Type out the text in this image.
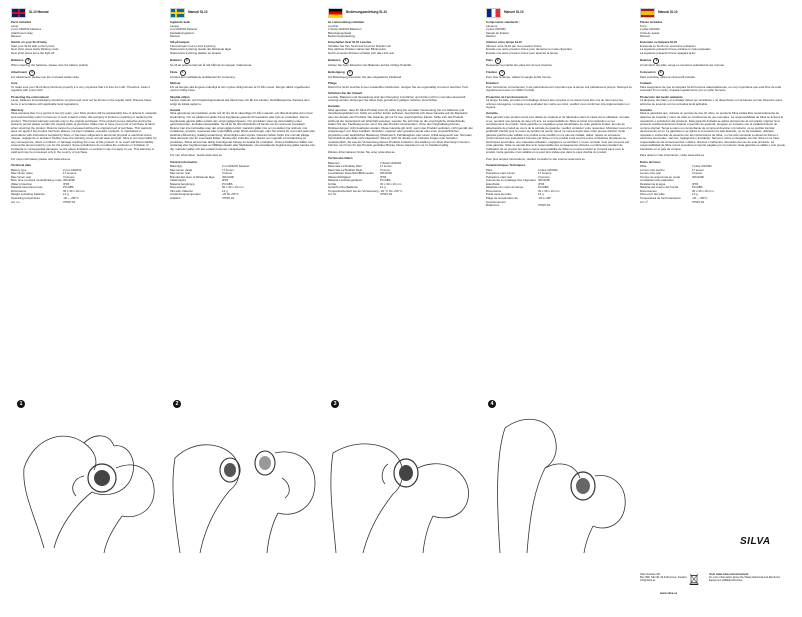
SL10 Manual
Parts Included
Lamp
2 pcs CR2032 batteries
Attachment strap
Manual
Switch on your SL10 lamp
Start your SL10 with a short press
Next short press starts blinking mode
Next short press turns the light off
Batteries	2
When inserting the batteries, please note the battery polarity.
Attachment	4
For attachment, please use the enclosed textile strap.
Care
To make sure your SL10 lamp functions properly it is very important that it is free from dirt. Therefore, clean it regularly with a wet cloth.
Protecting the environment
Lamp, batteries and packaging should be recycled and must not be thrown in the regular trash. Dispose these items in accordance with applicable local regulations.
Warranty
Silva warrants that, for a period of two (2) years, your Silva product will be substantially free of defects in materials and workmanship under normal use. If such a defect exists, this warranty is limited to repairing or replacing the product. This limited warranty extends only to the original purchaser. If the product proves defective during the warranty period please contact the original place of purchase. Make sure to have your proof of purchase at hand when returning the product. Returns cannot be processed without the original proof of purchase. This warranty does not apply if the product has been altered, not been installed, operated, repaired, or maintained in accordance with instructions supplied by Silva, or has been subjected to abnormal physical or electrical stress, misuse, negligence or accident. Neither does the warranty cover normal wear and tear. Silva is not responsible for any consequence, direct or indirect, or damage resulting from use of this product. In no event will Silva's liability exceed the amount paid by you for the product. Some jurisdictions do not allow the exclusion or limitation of incidental or consequential damages, so the above limitation or exclusion may not apply to you. This warranty is valid and may be processed only in the country of purchase.
For more information please visit www.silva.se
Technical data
Battery type	2 pcs CR2032
Max lumen value	17 lumens
Max lumen real	3 lumens
Burn time constant mode/blinking mode 30h/100h
Water protection	IPX6
Material head lamp body	PC/ABS
Dimensions	30 x 30 x 10 mm
Weight excluding batteries	12 g
Operating temperature	-20 – +50°C
Art. no	37597-91
Manual SL10
Ingående delar
Lampa
2 st CR2032 batterier
Fastsättningsband
Manual
Slå på lampan
Tänd lampan med en kort tryckning
Nästa korta tryckning startar det blinkande läget
Nästa korta tryckning släcker av lampan
Batterier	2
Se till att polerna hamnar åt rätt håll när du stoppar i batterierna.
Fäste	4
Använd det medföljande textilbandet för montering.
Skötsel
För att lampan ska fungera ordentligt är det mycket viktigt att den är fri från smuts. Rengör därför regelbundet med en fuktig trasa.
Skydda miljön
Lampa, batterier och förpackningsmaterial ska återvinnas och får inte kastas i hushållssoporna. Kassera dem enligt de lokala reglerna.
Garanti
Silva garanterar att produkten under två (2) års tid är väsentligen fri från material- och tillverkningsfel vid normal användning. Om ett sådant fel skulle finnas begränsas garantin till reparation eller byte av produkten. Denna begränsade garanti gäller endast den ursprungliga köparen. Om produkten visar sig vara felaktig under garantiperioden, kontakta inköpsstället. Se till att ha ditt inköpskvitto till hands när du returnerar produkten. Returer kan inte behandlas utan det ursprungliga kvittot. Garantin gäller inte om produkten har ändrats, inte installerats, använts, reparerats eller underhållits enligt Silvas anvisningar, eller har utsatts för onormal fysisk eller elektrisk påfrestning, felaktig användning, försumlighet eller olycka. Garantin täcker heller inte normalt slitage. Silva ansvarar inte för eventuella följder, direkta eller indirekta, eller skador som uppstår vid användning av produkten. Silvas ansvar kan aldrig överstiga det belopp du betalat för produkten. Vissa jurisdiktioner tillåter inte undantag eller begränsningar av tillfälliga skador eller följdskador, så ovanstående begränsning gäller kanske inte dig. Garantin gäller och kan endast hanteras i inköpslandet.
För mer information, besök www.silva.se
Teknisk information
Batterityp	2 st CR2032 batterier
Max lumen värde	17 lumen
Max lumen real	3 lumen
Brinntid fast sken & blinkande läge	30h/100h
Vattenskydd	IPX6
Material lampkropp	PC/ABS
Dimensioner	30 x 30 x 10 mm
Vikt exkl. batterier	12 g
Användningstemperatur	-20 till +50°C
Artikelnr	37597-91
Bedienungsanleitung SL10
Im Lieferumfang enthalten
Leuchte
2 Stück CR2032 Batterien
Befestigungsband
Bedienungsanleitung
Einschalten Ihrer SL10 Leuchte
Schalten Sie Ihre SL10 durch kurzes Drücken ein
Das nächste Drücken startet den Blinkmodus
Durch erneutes Drücken schaltet sich das Licht aus
Batterien	2
Achten Sie beim Einsetzen der Batterien auf die richtige Polarität.
Befestigung	4
Zur Befestigung benutzen Sie das mitgelieferte Klettband.
Pflege
Damit Ihre SL10 Leuchte immer einwandfrei funktioniert, reinigen Sie sie regelmäßig mit einem feuchten Tuch.
Schützen Sie die Umwelt
Leuchte, Batterien und Verpackung sind dem Recycling zuzuführen und dürfen nicht im normalen Hausmüll entsorgt werden. Entsorgen Sie diese Teile gemäß den gültigen örtlichen Vorschriften.
Garantie
Silva garantiert, dass Ihr Silva-Produkt zwei (2) Jahre lang bei normaler Verwendung frei von Material- und Verarbeitungsfehlern ist. Sollte ein solcher Fehler auftreten, beschränkt sich diese Garantie auf die Reparatur oder den Ersatz des Produkts. Die Garantie gilt nur für den ursprünglichen Käufer. Sollte sich das Produkt während der Garantiezeit als fehlerhaft erweisen, wenden Sie sich bitte an die ursprüngliche Verkaufsstelle. Halten Sie den Kaufbeleg bereit, wenn Sie das Produkt zurücksenden. Ohne den Originalbeleg können Rücksendungen nicht bearbeitet werden. Diese Garantie gilt nicht, wenn das Produkt verändert, nicht gemäß den Anweisungen von Silva installiert, betrieben, repariert oder gewartet wurde oder einer ungewöhnlichen physischen oder elektrischen Belastung, Missbrauch, Fahrlässigkeit oder einem Unfall ausgesetzt war. Normaler Verschleiß ist ebenfalls nicht abgedeckt. Silva ist nicht für direkte oder indirekte Folgen oder Schäden verantwortlich, die aus der Verwendung dieses Produkts entstehen. Die Haftung von Silva übersteigt in keinem Fall den von Ihnen für das Produkt gezahlten Betrag. Diese Garantie ist nur im Kaufland gültig.
Weitere Informationen finden Sie unter www.silva.se
Technische Daten
Batterien	2 Stück CR2032
Maximale Lichtstärke Wert	17 lumen
Maximale Lichtstärke Real	3 lumen
Leuchtdauer Dauerlicht/Blinkmodus	30h/100h
Wasserdichtigkeit	IPX6
Material Leuchtengehäuse	PC/ABS
Größe	30 x 30 x 10 mm
Gewicht ohne Batterien	12 g
Temperaturbereich bei der Verwendung -20 °C bis +50 °C
Art. Nr.	37597-91
Manuel SL10
Composants standards :
Lanterne
2 piles CR2032
Sangle de fixation
Manuel
Allumez votre lampe SL10
Allumez votre SL10 par une pression brève
Ensuite une autre pression brève pour démarrer le mode clignotant
Ensuite une autre pression brève pour éteindre la lampe
Piles	2
Respectez la polarité des piles lors de leur insertion.
Fixation	4
Pour fixer la lampe, utilisez la sangle textile fournie.
Entretien
Pour fonctionner correctement, il est particulièrement important que la lampe soit parfaitement propre. Nettoyez-la régulièrement avec un chiffon humide.
Protection de l'environnement
La lampe frontale, les piles et l'emballage doivent être recyclés et ne doivent pas être mis au rebut avec les ordures ménagères. Lorsque vous souhaitez les mettre au rebut, veuillez vous conformer à la réglementation en vigueur.
Garantie
Silva garantit votre produit contre tout défaut de matériel et de fabrication dans le cadre d'une utilisation normale et ce, pendant une période de deux (2) ans. La responsabilité de Silva se limite à la réparation ou au remplacement du produit. Cette garantie ne s'applique qu'au bénéficiaire de cette garantie limitée. En cas de défectuosité du produit au cours de la période de garantie, veuillez contacter votre revendeur. Munissez-vous d'un justificatif d'achat pour le retour du produit car aucun retour ne sera accepté sans votre preuve d'achat. Cette garantie perdra toute validité si le produit a été modifié ou n'a pas été installé, utilisé, réparé ou entretenu conformément aux instructions fournies par Silva ou si le produit a été soumis à des contraintes physiques ou électriques anormales, une mauvaise utilisation, négligence ou accident. L'usure normale n'est pas couverte par cette garantie. Silva ne saurait être tenu responsable des conséquences directes ou indirectes résultant de l'utilisation de ce produit. En aucun cas la responsabilité de Silva ne pourra excéder le montant payé pour le produit. Cette garantie n'est valable et ne peut être traitée que dans le pays d'achat du produit.
Pour plus amples informations, veuillez consulter le site internet www.silva.se
Caractéristiques Techniques
Piles	2 piles CR2032
Puissance maxi lumen	17 lumens
Puissance maxi réel	3 lumens
Autonomie en éclairage fixe/ clignotant 30h/100h
Étanchéité	IPX6
Matériaux du corps de lampe	PC/ABS
Dimensions	30 x 30 x 10 mm
Poids sans les piles	12 g
Plage de température de fonctionnement
-20 à +50°
Référence	37597-91
Manual SL10
Piezas Incluidas
Foco
2 pilas CR2032
Cinta de ajuste
Manual
Encender su lámpara SL10
Encienda su SL10 con una breve pulsación
La siguiente pulsación breve iniciará el modo parpadeo
La siguiente pulsación breve apagará la luz
Baterías	2
Al introducir las pilas, tenga en cuenta la polaridad de las mismas.
Colocación	4
Para colocarla, utilice la cinta textil incluida.
Cuidado
Para asegurarse de que su lámpara SL10 funcione adecuadamente, es muy importante que esté libre de toda suciedad. Por lo tanto, límpiela regularmente con un paño húmedo.
Protección del medio ambiente
La lámpara, las pilas y el embalaje deben ser reciclados y no desecharse con la basura normal. Deseche estos artículos de acuerdo con la normativa local aplicable.
Garantía
Silva le garantiza que, durante un periodo de dos (2) años, su producto Silva estará libre sustancialmente de defectos de material y mano de obra en condiciones de uso normales. La responsabilidad de Silva se limita a la reparación o sustitución del producto. Esta garantía limitada se aplica únicamente al comprador original. Si el producto resulta defectuoso durante el periodo de garantía, póngase en contacto con el establecimiento de compra original. Tenga a mano su comprobante de compra al devolver el producto; no se podrán tramitar devoluciones sin él. La garantía no se aplica si el producto ha sido alterado, no se ha instalado, utilizado, reparado o mantenido de acuerdo con las instrucciones de Silva, o si ha sido sometido a esfuerzos físicos o eléctricos anormales, mal uso, negligencia o accidente. Tampoco cubre el desgaste normal. Silva no se hace responsable de las consecuencias o daños, directos o indirectos, derivados del uso de este producto. La responsabilidad de Silva nunca excederá el importe pagado por el producto. Esta garantía es válida y solo puede tramitarse en el país de compra.
Para obtener más información, visite www.silva.se
Datos técnicos
Pilas	2 pilas CR2032
Lumen máx.teórico	17 lumen
Lumen máx.real	3 lumen
Tiempo de autonomía en modo constante/modo parpadeo
30h/100h
Resistencia al agua	IPX6
Material del cuerpo del frontal	PC/ABS
Dimensiones	30 x 30 x 10 mm
Peso excl. las pilas	12 g
Temperatura de funcionamiento	-20 – +50°C
Art. nº	37597-91
1	2	3	4
SILVA
Silva Sweden AB
Box 998, SE-191 29 Sollentuna, Sweden
info@silva.se
Visit: www.silva.se/environment
for more information about the Waste Electrical and Electronic Equipment (WEEE) Directive.
www.silva.se
